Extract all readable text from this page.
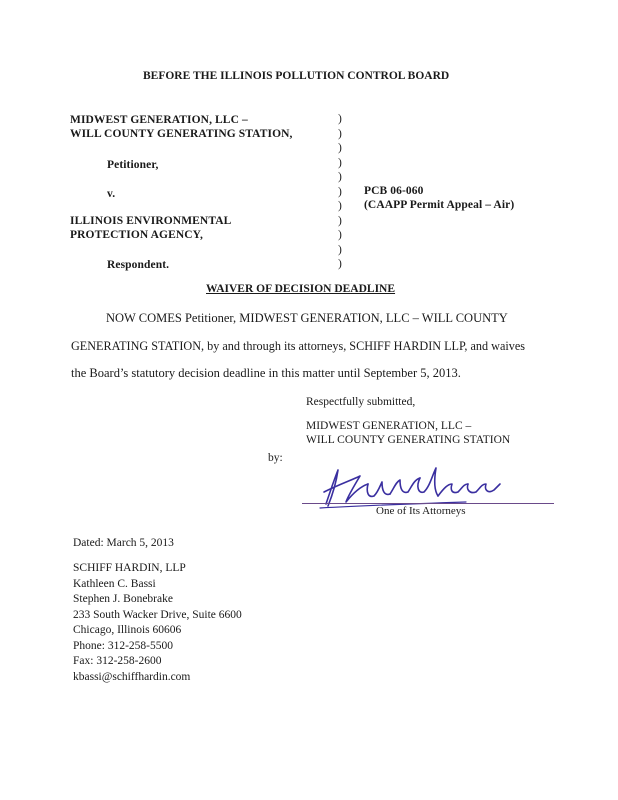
BEFORE THE ILLINOIS POLLUTION CONTROL BOARD
MIDWEST GENERATION, LLC –
WILL COUNTY GENERATING STATION,
Petitioner,
v.
ILLINOIS ENVIRONMENTAL
PROTECTION AGENCY,
Respondent.
)
)
)
)
)
)
)
)
)
)
)
PCB 06-060
(CAAPP Permit Appeal – Air)
WAIVER OF DECISION DEADLINE
NOW COMES Petitioner, MIDWEST GENERATION, LLC – WILL COUNTY
GENERATING STATION, by and through its attorneys, SCHIFF HARDIN LLP, and waives
the Board’s statutory decision deadline in this matter until September 5, 2013.
Respectfully submitted,
MIDWEST GENERATION, LLC –
WILL COUNTY GENERATING STATION
by:
One of Its Attorneys
Dated: March 5, 2013
SCHIFF HARDIN, LLP
Kathleen C. Bassi
Stephen J. Bonebrake
233 South Wacker Drive, Suite 6600
Chicago, Illinois 60606
Phone: 312-258-5500
Fax: 312-258-2600
kbassi@schiffhardin.com
